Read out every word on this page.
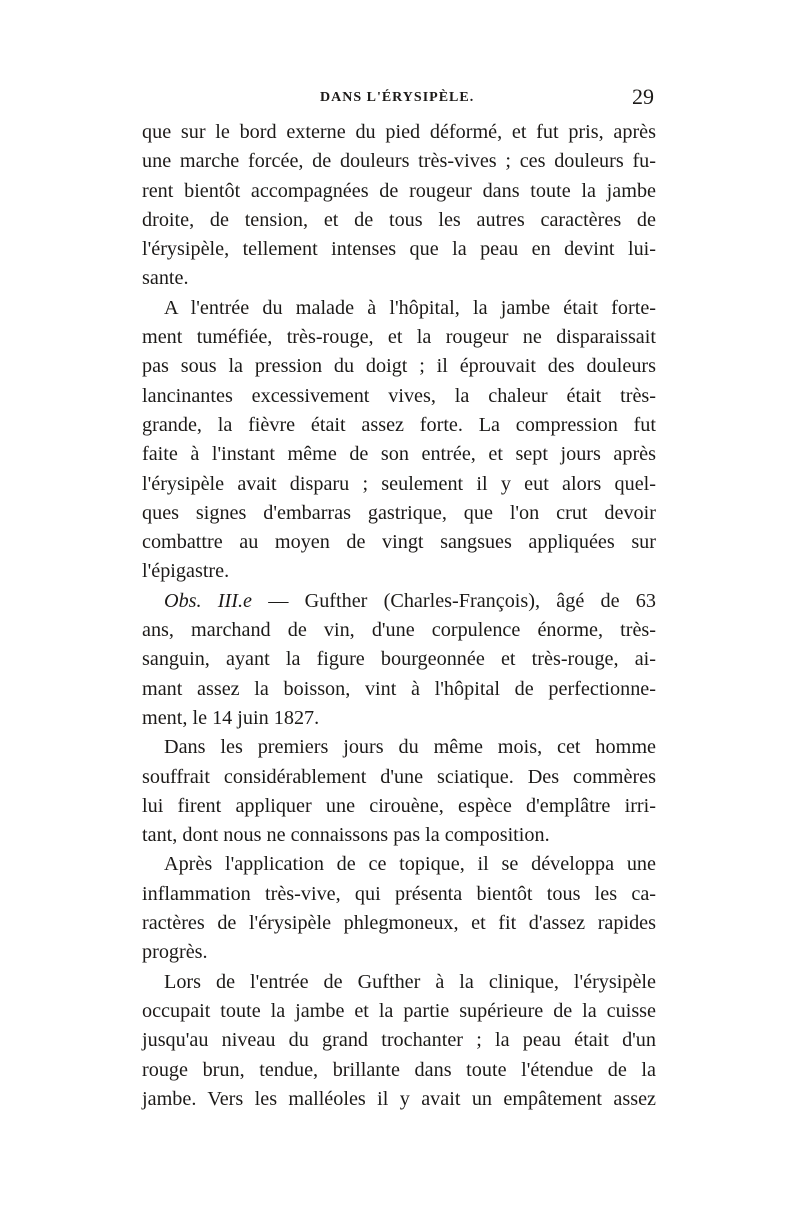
DANS L'ÉRYSIPÈLE.	29
que sur le bord externe du pied déformé, et fut pris, après
une marche forcée, de douleurs très-vives ; ces douleurs fu-
rent bientôt accompagnées de rougeur dans toute la jambe
droite, de tension, et de tous les autres caractères de
l'érysipèle, tellement intenses que la peau en devint lui-
sante.
A l'entrée du malade à l'hôpital, la jambe était forte-
ment tuméfiée, très-rouge, et la rougeur ne disparaissait
pas sous la pression du doigt ; il éprouvait des douleurs
lancinantes excessivement vives, la chaleur était très-
grande, la fièvre était assez forte. La compression fut
faite à l'instant même de son entrée, et sept jours après
l'érysipèle avait disparu ; seulement il y eut alors quel-
ques signes d'embarras gastrique, que l'on crut devoir
combattre au moyen de vingt sangsues appliquées sur
l'épigastre.
Obs. III.e — Gufther (Charles-François), âgé de 63
ans, marchand de vin, d'une corpulence énorme, très-
sanguin, ayant la figure bourgeonnée et très-rouge, ai-
mant assez la boisson, vint à l'hôpital de perfectionne-
ment, le 14 juin 1827.
Dans les premiers jours du même mois, cet homme
souffrait considérablement d'une sciatique. Des commères
lui firent appliquer une cirouène, espèce d'emplâtre irri-
tant, dont nous ne connaissons pas la composition.
Après l'application de ce topique, il se développa une
inflammation très-vive, qui présenta bientôt tous les ca-
ractères de l'érysipèle phlegmoneux, et fit d'assez rapides
progrès.
Lors de l'entrée de Gufther à la clinique, l'érysipèle
occupait toute la jambe et la partie supérieure de la cuisse
jusqu'au niveau du grand trochanter ; la peau était d'un
rouge brun, tendue, brillante dans toute l'étendue de la
jambe. Vers les malléoles il y avait un empâtement assez
